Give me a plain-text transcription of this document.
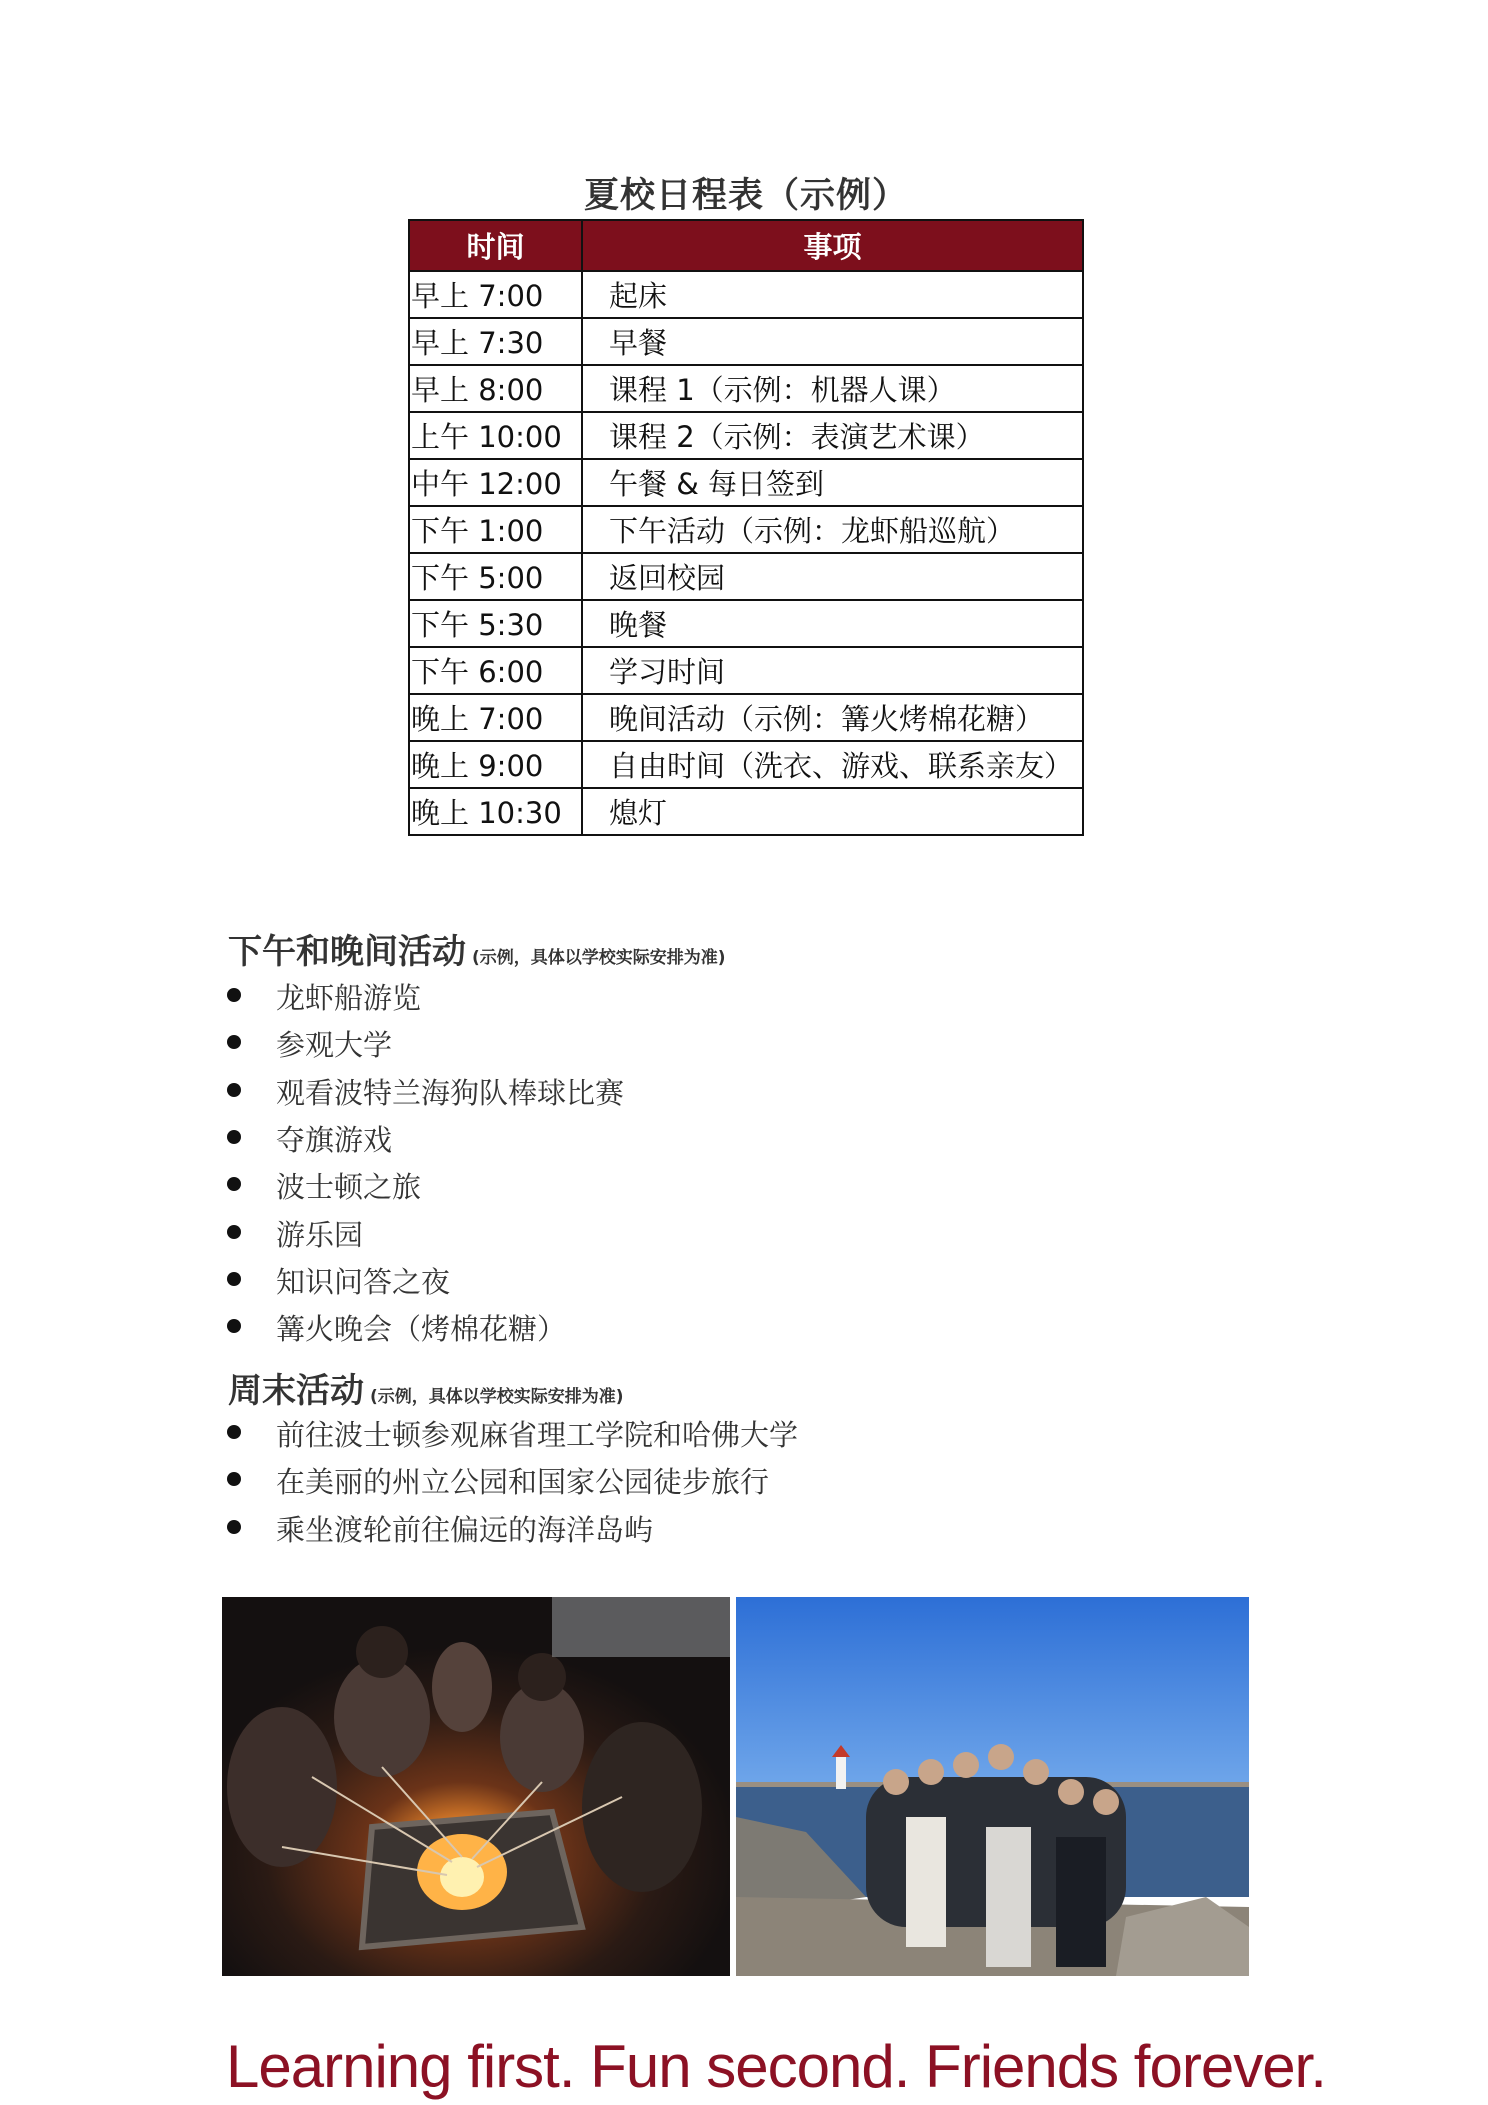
夏校日程表（示例）
时间	事项
早上 7:00	起床
早上 7:30	早餐
早上 8:00	课程 1（示例：机器人课）
上午 10:00	课程 2（示例：表演艺术课）
中午 12:00	午餐 & 每日签到
下午 1:00	下午活动（示例：龙虾船巡航）
下午 5:00	返回校园
下午 5:30	晚餐
下午 6:00	学习时间
晚上 7:00	晚间活动（示例：篝火烤棉花糖）
晚上 9:00	自由时间（洗衣、游戏、联系亲友）
晚上 10:30	熄灯
下午和晚间活动 (示例，具体以学校实际安排为准)
龙虾船游览
参观大学
观看波特兰海狗队棒球比赛
夺旗游戏
波士顿之旅
游乐园
知识问答之夜
篝火晚会（烤棉花糖）
周末活动 (示例，具体以学校实际安排为准)
前往波士顿参观麻省理工学院和哈佛大学
在美丽的州立公园和国家公园徒步旅行
乘坐渡轮前往偏远的海洋岛屿
Learning first. Fun second. Friends forever.
